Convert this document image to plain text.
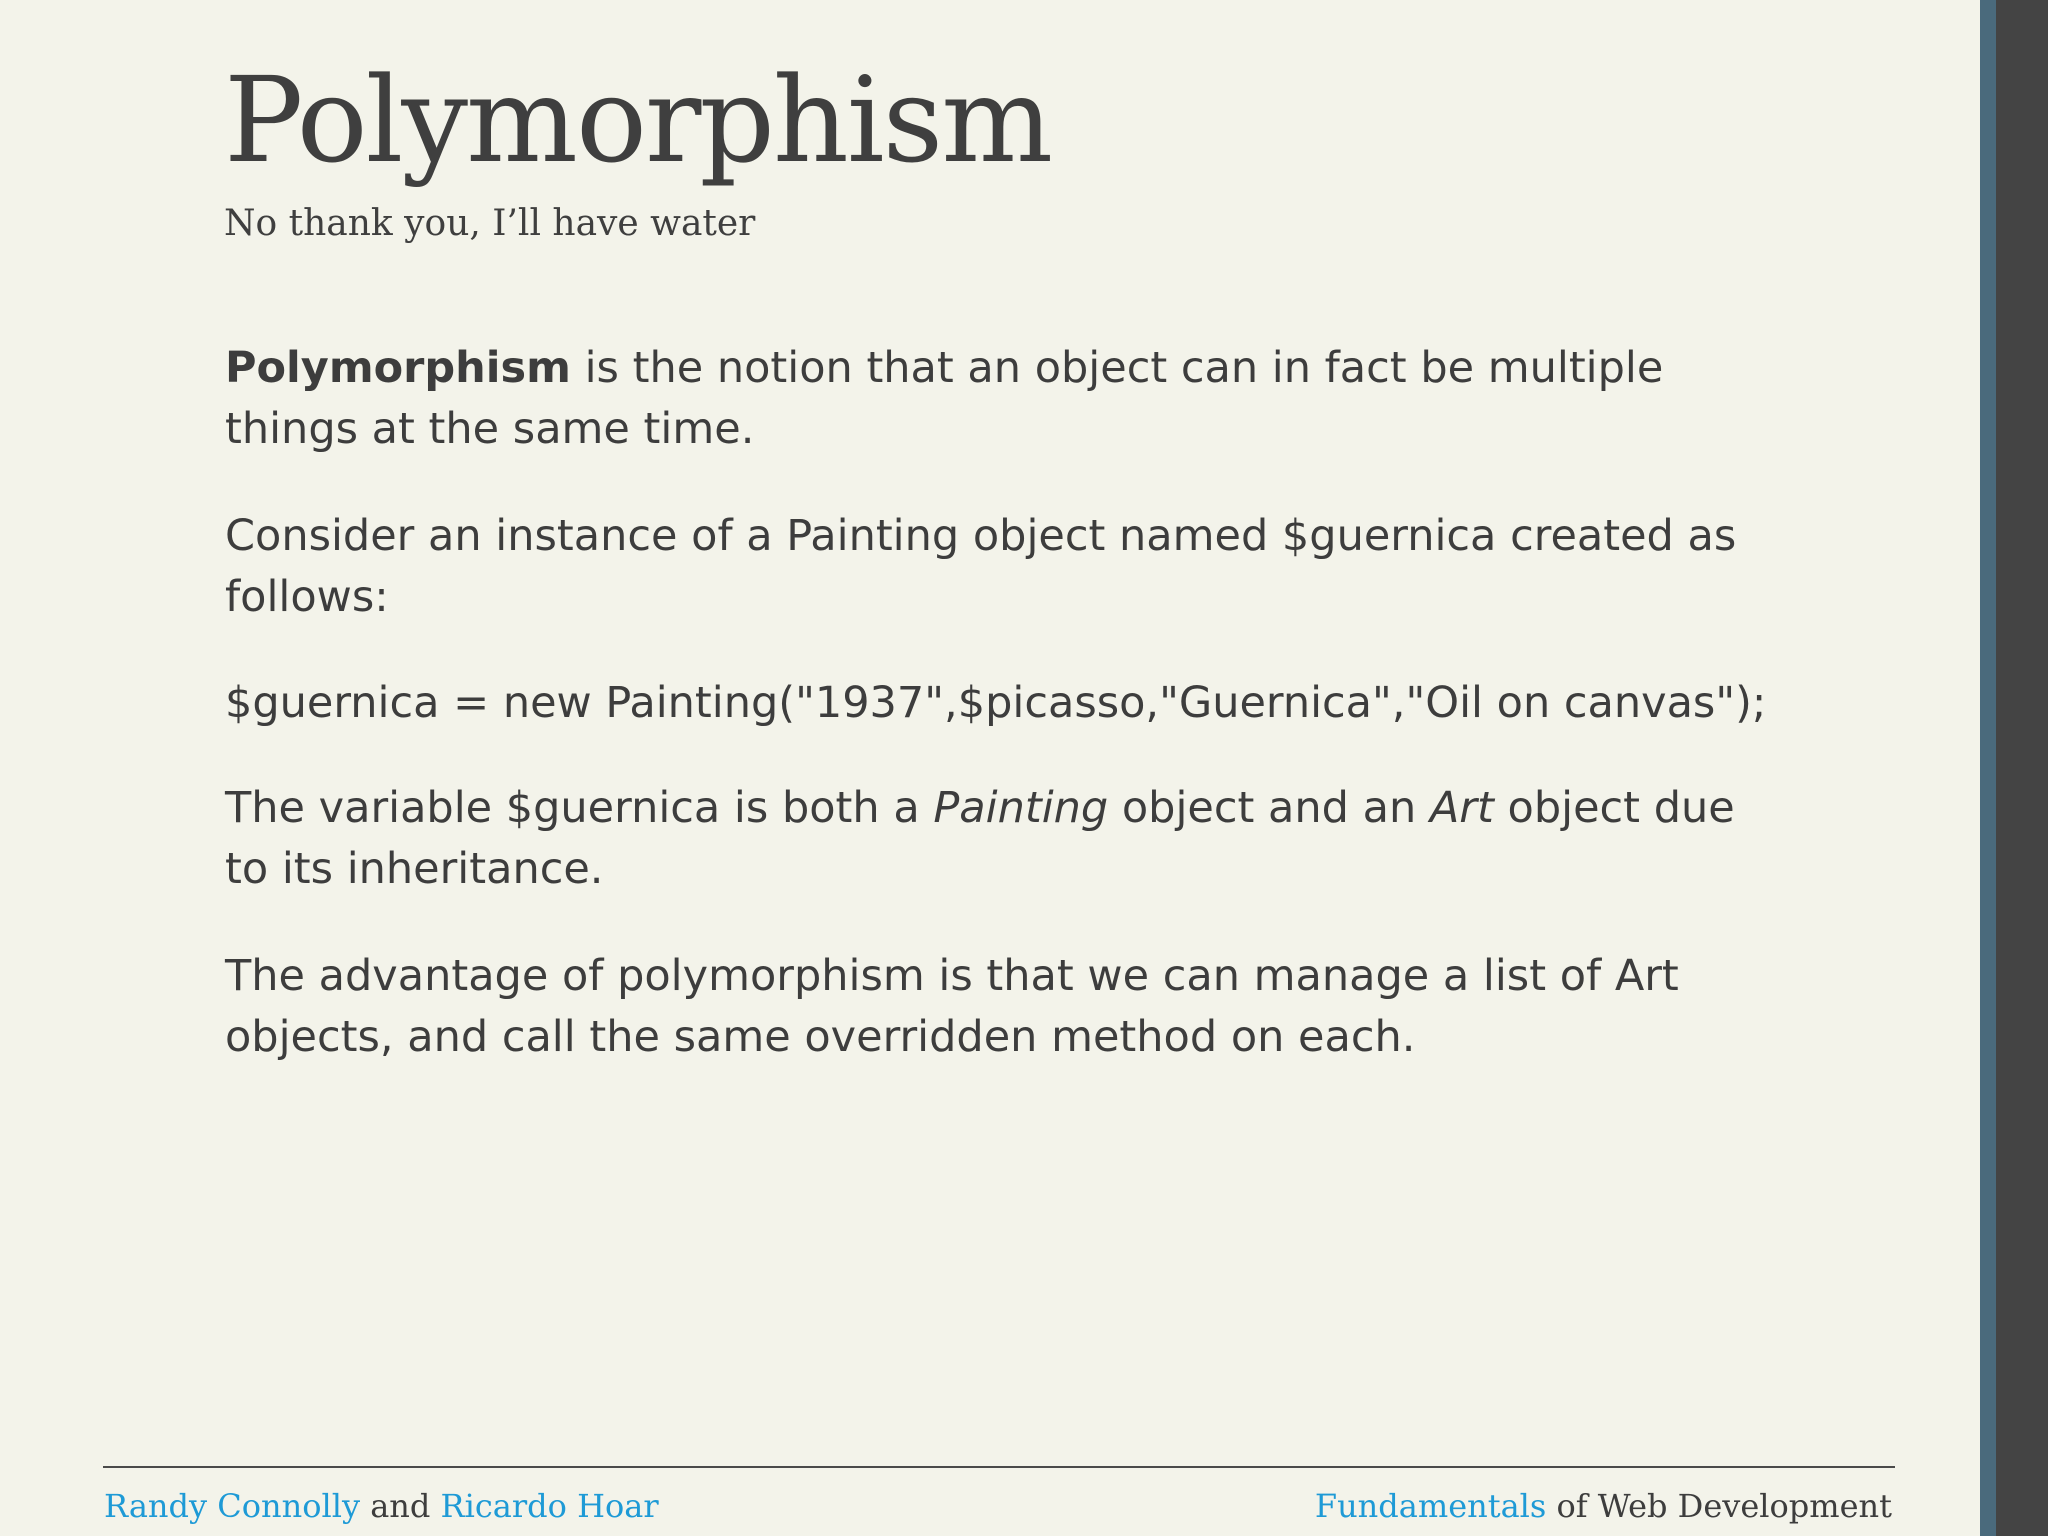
Polymorphism
No thank you, I’ll have water

Polymorphism is the notion that an object can in fact be multiple
things at the same time.

Consider an instance of a Painting object named $guernica created as
follows:

$guernica = new Painting("1937",$picasso,"Guernica","Oil on canvas");

The variable $guernica is both a Painting object and an Art object due
to its inheritance.

The advantage of polymorphism is that we can manage a list of Art
objects, and call the same overridden method on each.

Randy Connolly and Ricardo Hoar	Fundamentals of Web Development
